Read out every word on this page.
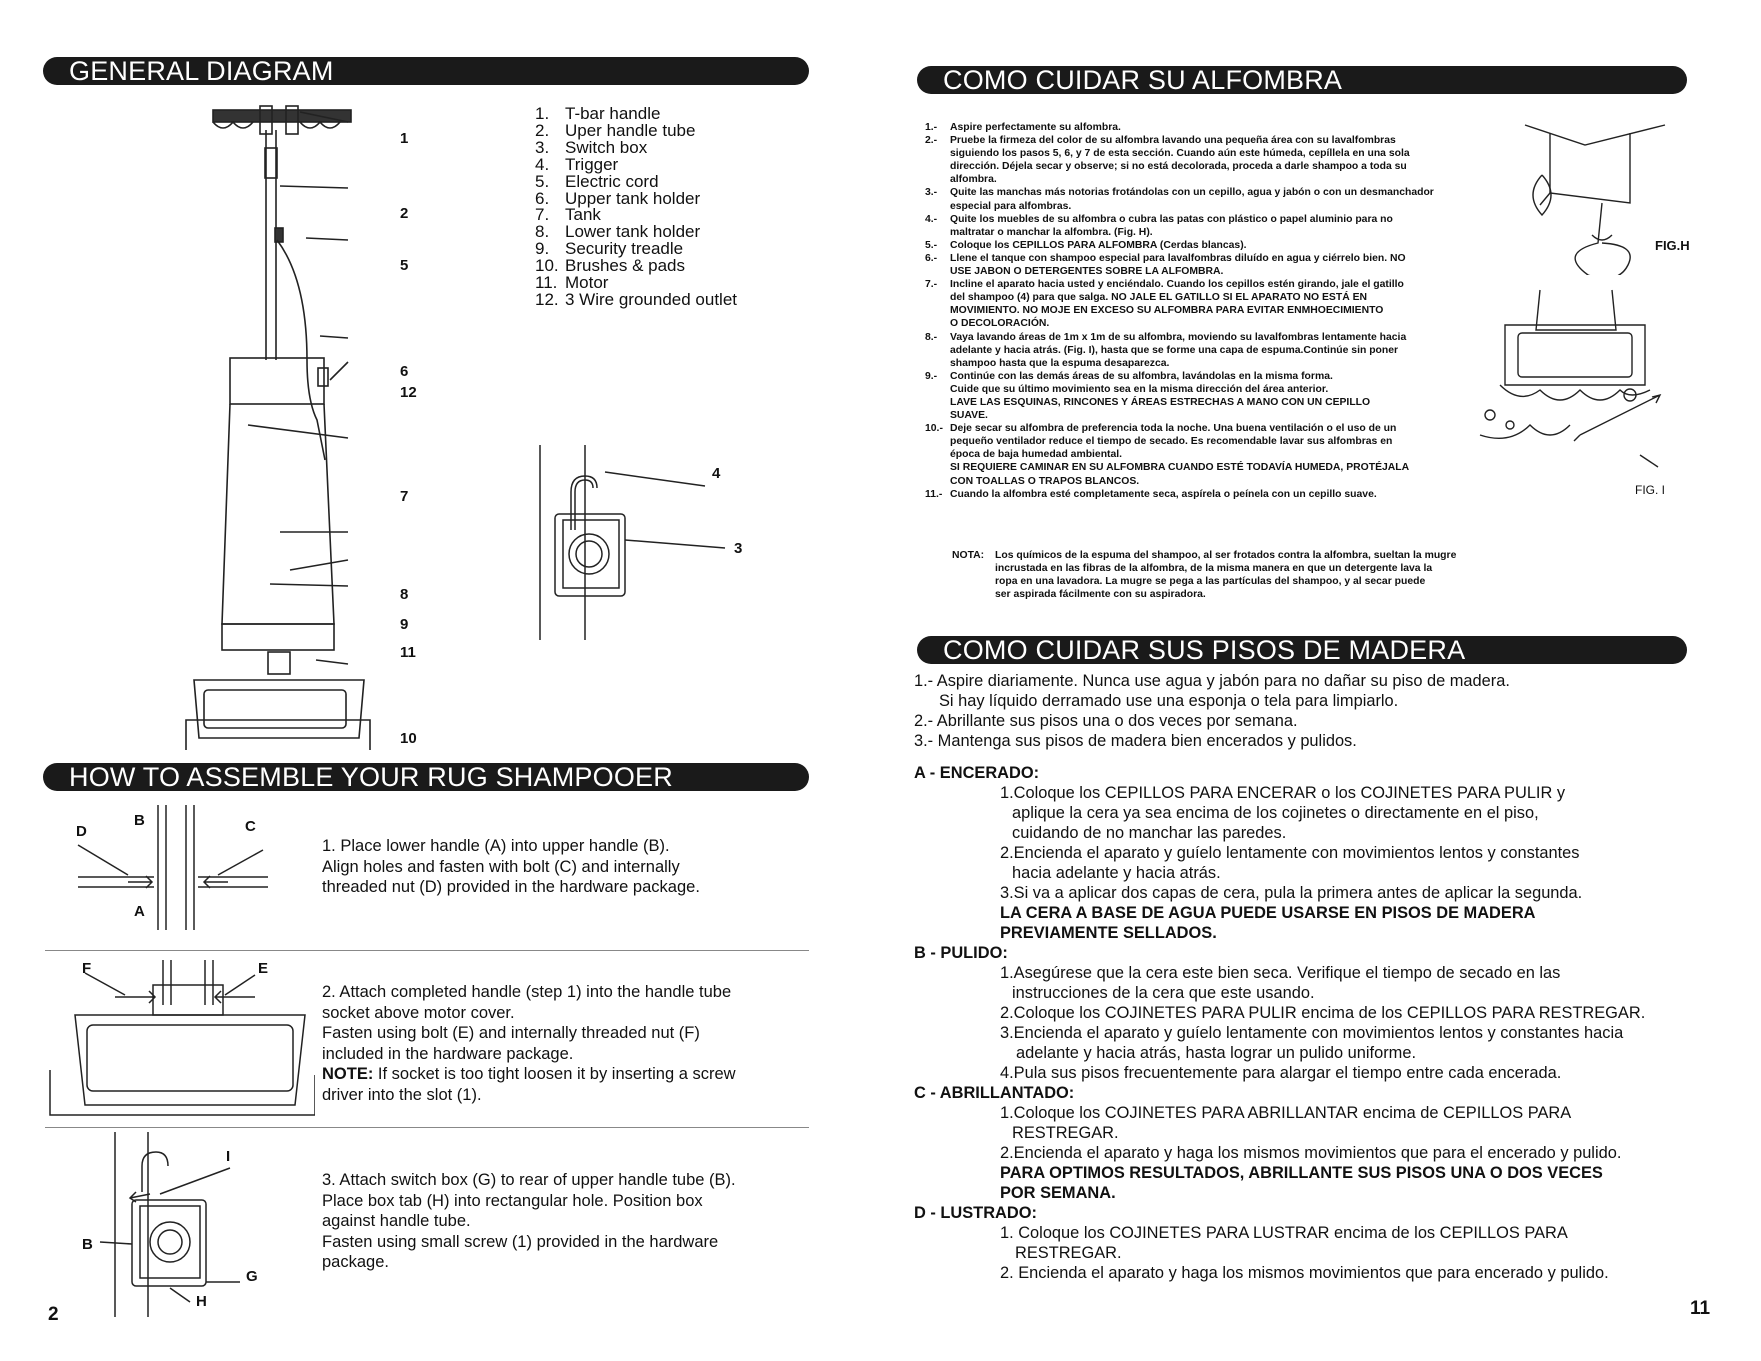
GENERAL DIAGRAM
1
2
5
6
12
7
8
9
11
10
4
3
1. T-bar handle
2. Uper handle tube
3. Switch box
4. Trigger
5. Electric cord
6. Upper tank holder
7. Tank
8. Lower tank holder
9. Security treadle
10. Brushes & pads
11. Motor
12. 3 Wire grounded outlet
HOW TO ASSEMBLE YOUR RUG SHAMPOOER
D
B	C
A
1. Place lower handle (A) into upper handle (B).
Align holes and fasten with bolt (C) and internally
threaded nut (D) provided in the hardware package.
F	E
2. Attach completed handle (step 1) into the handle tube
socket above motor cover.
Fasten using bolt (E) and internally threaded nut (F)
included in the hardware package.
NOTE: If socket is too tight loosen it by inserting a screw
driver into the slot (1).
I
B
G
H
3. Attach switch box (G) to rear of upper handle tube (B).
Place box tab (H) into rectangular hole. Position box
against handle tube.
Fasten using small screw (1) provided in the hardware
package.
2
COMO CUIDAR SU ALFOMBRA
1.- Aspire perfectamente su alfombra.
2.- Pruebe la firmeza del color de su alfombra lavando una pequeña área con su lavalfombras
siguiendo los pasos 5, 6, y 7 de esta sección. Cuando aún este húmeda, cepíllela en una sola
dirección. Déjela secar y observe; si no está decolorada, proceda a darle shampoo a toda su
alfombra.
3.- Quite las manchas más notorias frotándolas con un cepillo, agua y jabón o con un desmanchador
especial para alfombras.
4.- Quite los muebles de su alfombra o cubra las patas con plástico o papel aluminio para no
maltratar o manchar la alfombra. (Fig. H).
5.- Coloque los CEPILLOS PARA ALFOMBRA (Cerdas blancas).
6.- Llene el tanque con shampoo especial para lavalfombras diluído en agua y ciérrelo bien. NO
USE JABON O DETERGENTES SOBRE LA ALFOMBRA.
7.- Incline el aparato hacia usted y enciéndalo. Cuando los cepillos estén girando, jale el gatillo
del shampoo (4) para que salga. NO JALE EL GATILLO SI EL APARATO NO ESTÁ EN
MOVIMIENTO. NO MOJE EN EXCESO SU ALFOMBRA PARA EVITAR ENMHOECIMIENTO
O DECOLORACIÓN.
8.- Vaya lavando áreas de 1m x 1m de su alfombra, moviendo su lavalfombras lentamente hacia
adelante y hacia atrás. (Fig. I), hasta que se forme una capa de espuma.Continúe sin poner
shampoo hasta que la espuma desaparezca.
9.- Continúe con las demás áreas de su alfombra, lavándolas en la misma forma.
Cuide que su último movimiento sea en la misma dirección del área anterior.
LAVE LAS ESQUINAS, RINCONES Y ÁREAS ESTRECHAS A MANO CON UN CEPILLO
SUAVE.
10.- Deje secar su alfombra de preferencia toda la noche. Una buena ventilación o el uso de un
pequeño ventilador reduce el tiempo de secado. Es recomendable lavar sus alfombras en
época de baja humedad ambiental.
SI REQUIERE CAMINAR EN SU ALFOMBRA CUANDO ESTÉ TODAVÍA HUMEDA, PROTÉJALA
CON TOALLAS O TRAPOS BLANCOS.
11.- Cuando la alfombra esté completamente seca, aspírela o peínela con un cepillo suave.
NOTA: Los químicos de la espuma del shampoo, al ser frotados contra la alfombra, sueltan la mugre
incrustada en las fibras de la alfombra, de la misma manera en que un detergente lava la
ropa en una lavadora. La mugre se pega a las partículas del shampoo, y al secar puede
ser aspirada fácilmente con su aspiradora.
FIG.H
FIG. I
COMO CUIDAR SUS PISOS DE MADERA
1.- Aspire diariamente. Nunca use agua y jabón para no dañar su piso de madera.
Si hay líquido derramado use una esponja o tela para limpiarlo.
2.- Abrillante sus pisos una o dos veces por semana.
3.- Mantenga sus pisos de madera bien encerados y pulidos.
A - ENCERADO:
1.Coloque los CEPILLOS PARA ENCERAR o los COJINETES PARA PULIR y
aplique la cera ya sea encima de los cojinetes o directamente en el piso,
cuidando de no manchar las paredes.
2.Encienda el aparato y guíelo lentamente con movimientos lentos y constantes
hacia adelante y hacia atrás.
3.Si va a aplicar dos capas de cera, pula la primera antes de aplicar la segunda.
LA CERA A BASE DE AGUA PUEDE USARSE EN PISOS DE MADERA
PREVIAMENTE SELLADOS.
B - PULIDO:
1.Asegúrese que la cera este bien seca. Verifique el tiempo de secado en las
instrucciones de la cera que este usando.
2.Coloque los COJINETES PARA PULIR encima de los CEPILLOS PARA RESTREGAR.
3.Encienda el aparato y guíelo lentamente con movimientos lentos y constantes hacia
adelante y hacia atrás, hasta lograr un pulido uniforme.
4.Pula sus pisos frecuentemente para alargar el tiempo entre cada encerada.
C - ABRILLANTADO:
1.Coloque los COJINETES PARA ABRILLANTAR encima de CEPILLOS PARA
RESTREGAR.
2.Encienda el aparato y haga los mismos movimientos que para el encerado y pulido.
PARA OPTIMOS RESULTADOS, ABRILLANTE SUS PISOS UNA O DOS VECES
POR SEMANA.
D - LUSTRADO:
1. Coloque los COJINETES PARA LUSTRAR encima de los CEPILLOS PARA
RESTREGAR.
2. Encienda el aparato y haga los mismos movimientos que para encerado y pulido.
11
